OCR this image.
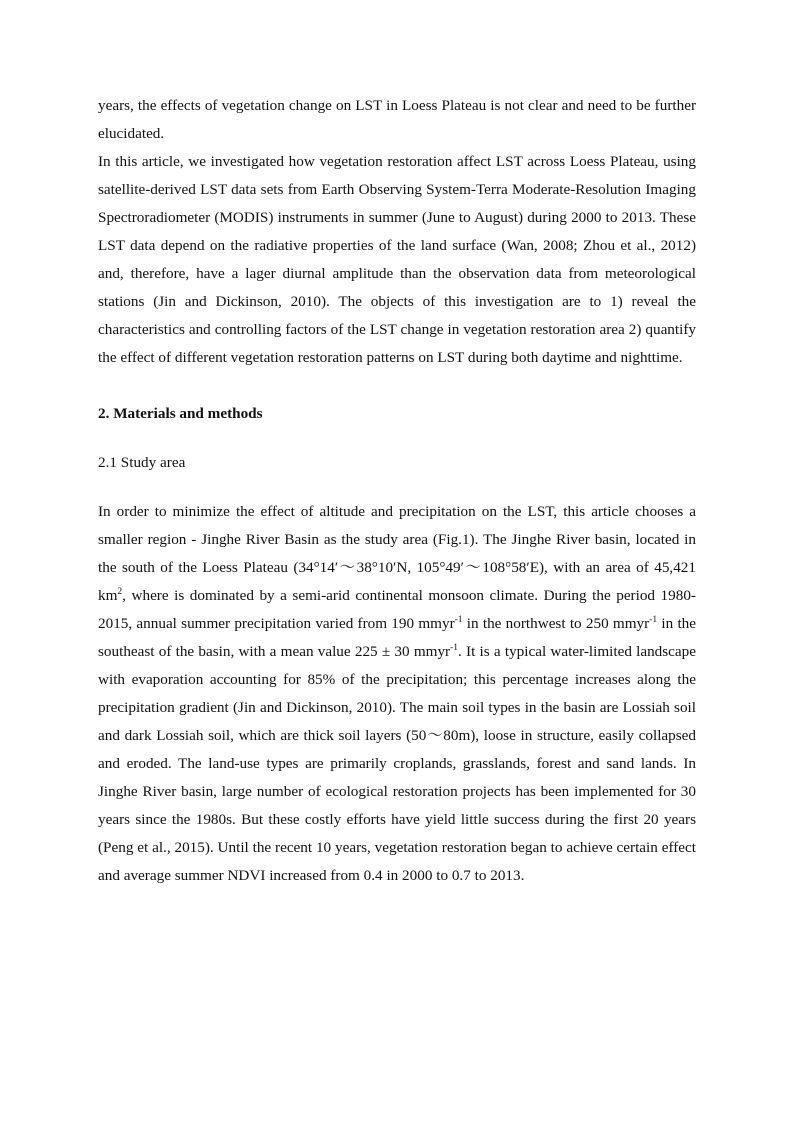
years, the effects of vegetation change on LST in Loess Plateau is not clear and need to be further elucidated.

In this article, we investigated how vegetation restoration affect LST across Loess Plateau, using satellite-derived LST data sets from Earth Observing System-Terra Moderate-Resolution Imaging Spectroradiometer (MODIS) instruments in summer (June to August) during 2000 to 2013. These LST data depend on the radiative properties of the land surface (Wan, 2008; Zhou et al., 2012) and, therefore, have a lager diurnal amplitude than the observation data from meteorological stations (Jin and Dickinson, 2010). The objects of this investigation are to 1) reveal the characteristics and controlling factors of the LST change in vegetation restoration area 2) quantify the effect of different vegetation restoration patterns on LST during both daytime and nighttime.

2. Materials and methods

2.1 Study area

In order to minimize the effect of altitude and precipitation on the LST, this article chooses a smaller region - Jinghe River Basin as the study area (Fig.1). The Jinghe River basin, located in the south of the Loess Plateau (34°14′～38°10′N, 105°49′～108°58′E), with an area of 45,421 $km^2$, where is dominated by a semi-arid continental monsoon climate. During the period 1980-2015, annual summer precipitation varied from 190 mmyr$^{-1}$ in the northwest to 250 mmyr$^{-1}$ in the southeast of the basin, with a mean value 225 ± 30 mmyr$^{-1}$. It is a typical water-limited landscape with evaporation accounting for 85% of the precipitation; this percentage increases along the precipitation gradient (Jin and Dickinson, 2010). The main soil types in the basin are Lossiah soil and dark Lossiah soil, which are thick soil layers (50～80m), loose in structure, easily collapsed and eroded. The land-use types are primarily croplands, grasslands, forest and sand lands. In Jinghe River basin, large number of ecological restoration projects has been implemented for 30 years since the 1980s. But these costly efforts have yield little success during the first 20 years (Peng et al., 2015). Until the recent 10 years, vegetation restoration began to achieve certain effect and average summer NDVI increased from 0.4 in 2000 to 0.7 to 2013.
